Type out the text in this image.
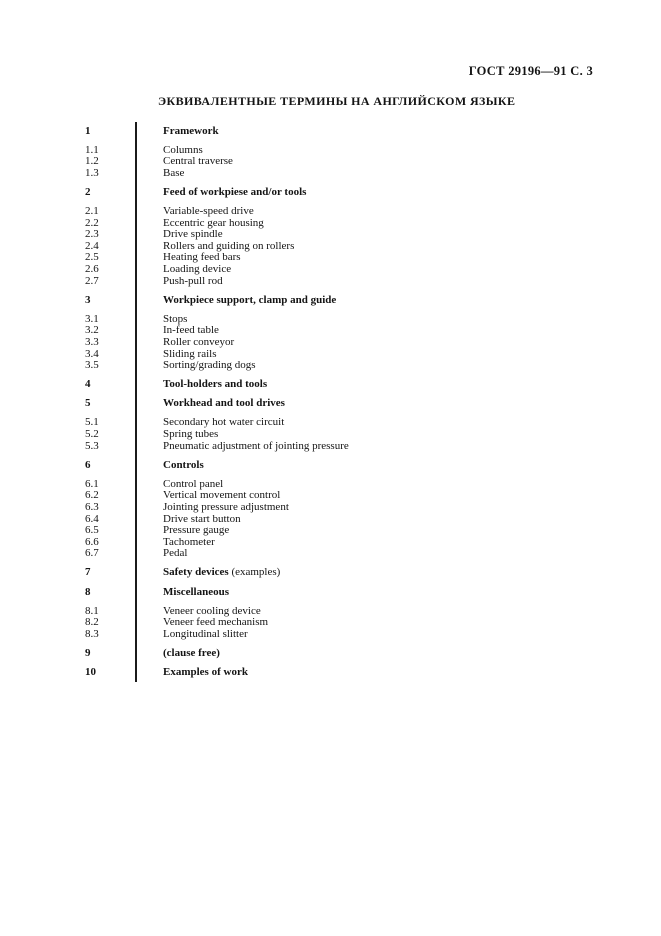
ГОСТ 29196—91 С. 3
ЭКВИВАЛЕНТНЫЕ ТЕРМИНЫ НА АНГЛИЙСКОМ ЯЗЫКЕ
1	Framework
1.1	Columns
1.2	Central traverse
1.3	Base
2	Feed of workpiese and/or tools
2.1	Variable-speed drive
2.2	Eccentric gear housing
2.3	Drive spindle
2.4	Rollers and guiding on rollers
2.5	Heating feed bars
2.6	Loading device
2.7	Push-pull rod
3	Workpiece support, clamp and guide
3.1	Stops
3.2	In-feed table
3.3	Roller conveyor
3.4	Sliding rails
3.5	Sorting/grading dogs
4	Tool-holders and tools
5	Workhead and tool drives
5.1	Secondary hot water circuit
5.2	Spring tubes
5.3	Pneumatic adjustment of jointing pressure
6	Controls
6.1	Control panel
6.2	Vertical movement control
6.3	Jointing pressure adjustment
6.4	Drive start button
6.5	Pressure gauge
6.6	Tachometer
6.7	Pedal
7	Safety devices (examples)
8	Miscellaneous
8.1	Veneer cooling device
8.2	Veneer feed mechanism
8.3	Longitudinal slitter
9	(clause free)
10	Examples of work
